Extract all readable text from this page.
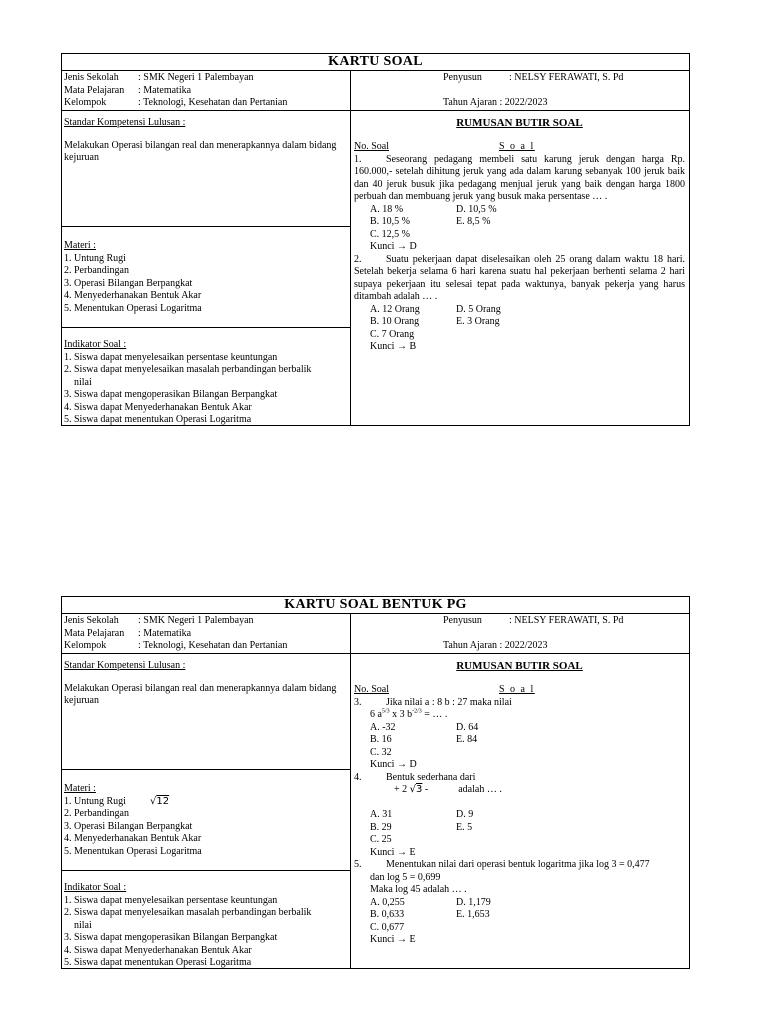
KARTU SOAL
Jenis Sekolah : SMK Negeri 1 Palembayan
Mata Pelajaran : Matematika
Kelompok	: Teknologi, Kesehatan dan Pertanian
Penyusun	: NELSY FERAWATI, S. Pd
Tahun Ajaran : 2022/2023
Standar Kompetensi Lulusan :
Melakukan Operasi bilangan real dan menerapkannya dalam bidang kejuruan
Materi :
1. Untung Rugi
2. Perbandingan
3. Operasi Bilangan Berpangkat
4. Menyederhanakan Bentuk Akar
5. Menentukan Operasi Logaritma
Indikator Soal :
1. Siswa dapat menyelesaikan persentase keuntungan
2. Siswa dapat menyelesaikan masalah perbandingan berbalik
nilai
3. Siswa dapat mengoperasikan Bilangan Berpangkat
4. Siswa dapat Menyederhanakan Bentuk Akar
5. Siswa dapat menentukan Operasi Logaritma
RUMUSAN BUTIR SOAL
No. Soal	S o a l
1. Seseorang pedagang membeli satu karung jeruk dengan harga Rp. 160.000,- setelah dihitung jeruk yang ada dalam karung sebanyak 100 jeruk baik dan 40 jeruk busuk jika pedagang menjual jeruk yang baik dengan harga 1800 perbuah dan membuang jeruk yang busuk maka persentase … .
A. 18 %	D. 10,5 %
B. 10,5 %	E. 8,5 %
C. 12,5 %
Kunci → D
2. Suatu pekerjaan dapat diselesaikan oleh 25 orang dalam waktu 18 hari. Setelah bekerja selama 6 hari karena suatu hal pekerjaan berhenti selama 2 hari supaya pekerjaan itu selesai tepat pada waktunya, banyak pekerja yang harus ditambah adalah … .
A. 12 Orang	D. 5 Orang
B. 10 Orang	E. 3 Orang
C. 7 Orang
Kunci → B
KARTU SOAL BENTUK PG
Jenis Sekolah : SMK Negeri 1 Palembayan
Mata Pelajaran : Matematika
Kelompok	: Teknologi, Kesehatan dan Pertanian
Penyusun	: NELSY FERAWATI, S. Pd
Tahun Ajaran : 2022/2023
Standar Kompetensi Lulusan :
Melakukan Operasi bilangan real dan menerapkannya dalam bidang kejuruan
Materi :
1. Untung Rugi √12
2. Perbandingan
3. Operasi Bilangan Berpangkat
4. Menyederhanakan Bentuk Akar
5. Menentukan Operasi Logaritma
Indikator Soal :
1. Siswa dapat menyelesaikan persentase keuntungan
2. Siswa dapat menyelesaikan masalah perbandingan berbalik
nilai
3. Siswa dapat mengoperasikan Bilangan Berpangkat
4. Siswa dapat Menyederhanakan Bentuk Akar
5. Siswa dapat menentukan Operasi Logaritma
RUMUSAN BUTIR SOAL
No. Soal	S o a l
3. Jika nilai a : 8 b : 27 maka nilai
6 $a^{5/3}$ x 3 $b^{-2/3}$ = … .
A. -32	D. 64
B. 16	E. 84
C. 32
Kunci → D
4. Bentuk sederhana dari
+ 2 √3 -	adalah … .
A. 31	D. 9
B. 29	E. 5
C. 25
Kunci → E
5. Menentukan nilai dari operasi bentuk logaritma jika log 3 = 0,477
dan log 5 = 0,699
Maka log 45 adalah … .
A. 0,255	D. 1,179
B. 0,633	E. 1,653
C. 0,677
Kunci → E
